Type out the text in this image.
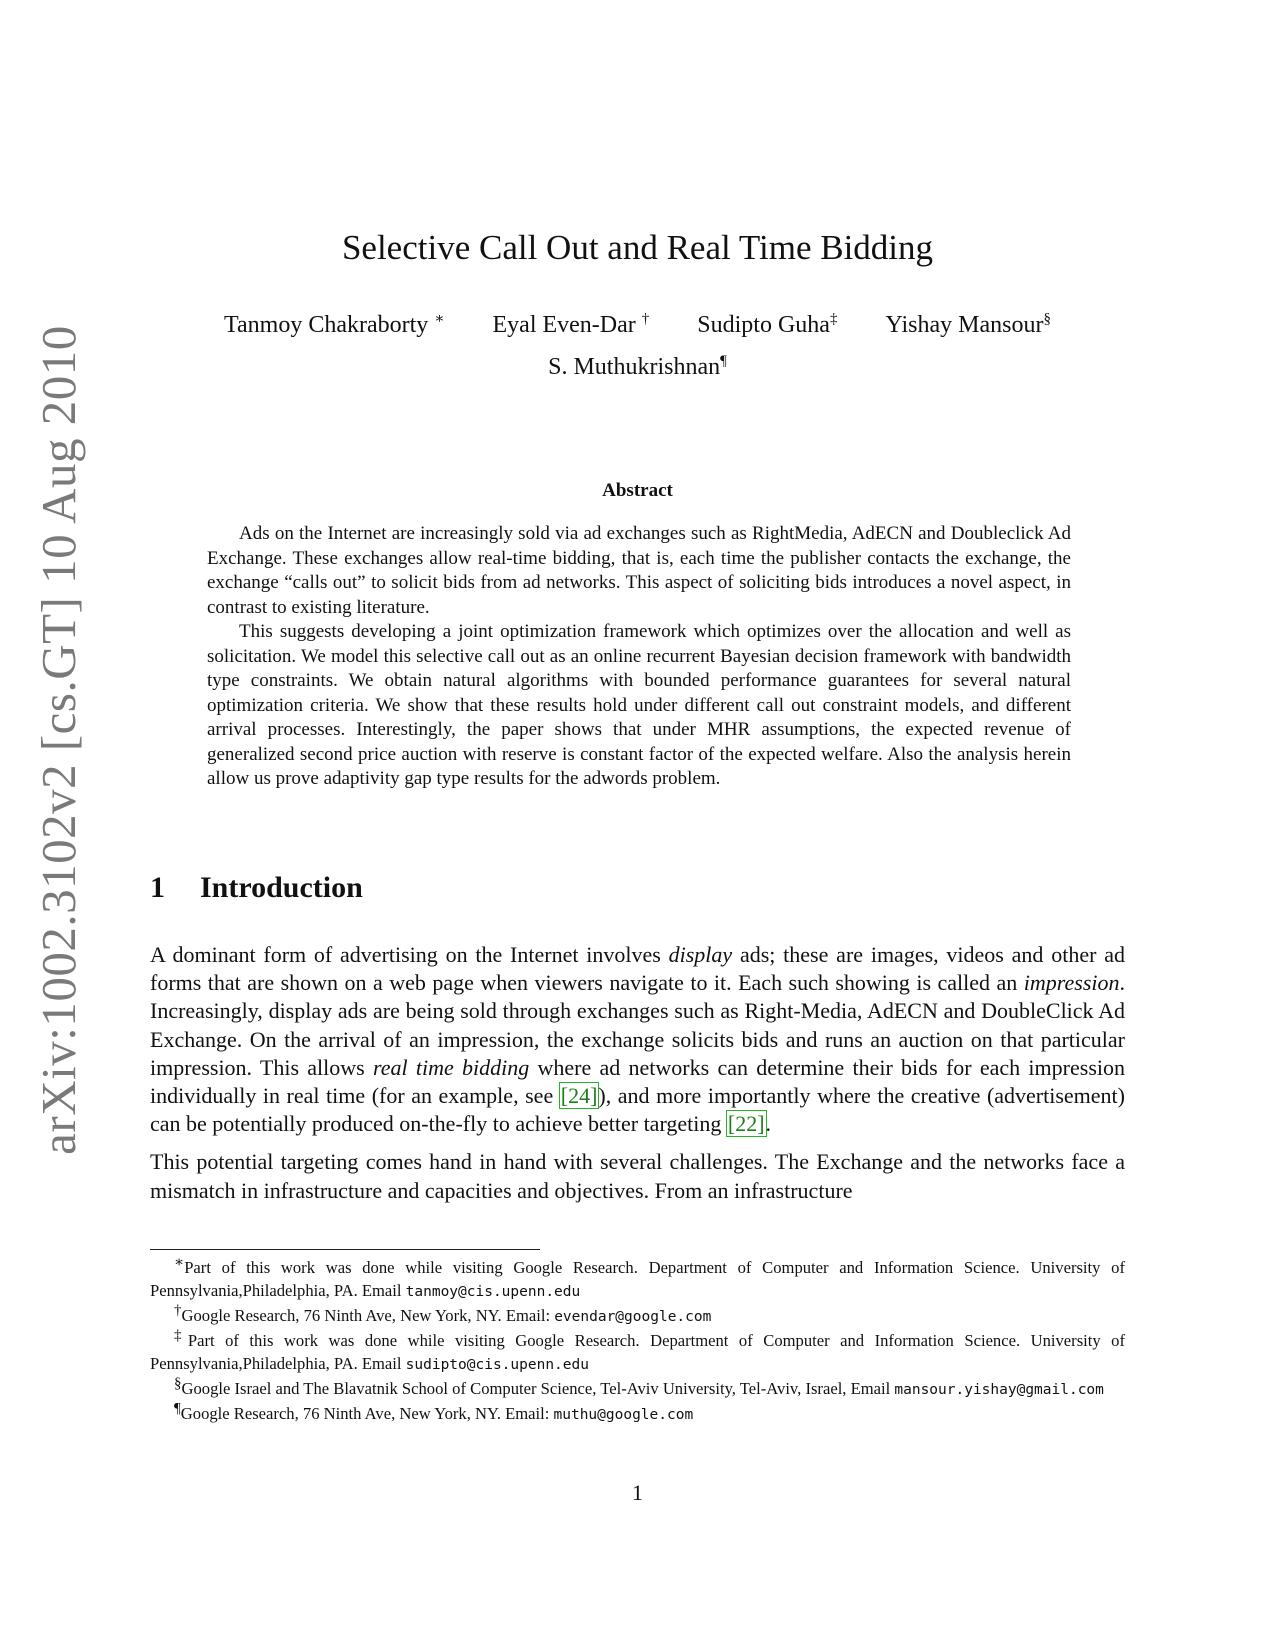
arXiv:1002.3102v2 [cs.GT] 10 Aug 2010
Selective Call Out and Real Time Bidding
Tanmoy Chakraborty ∗ Eyal Even-Dar † Sudipto Guha‡ Yishay Mansour§
S. Muthukrishnan¶
Abstract

Ads on the Internet are increasingly sold via ad exchanges such as RightMedia, AdECN and Doubleclick Ad Exchange. These exchanges allow real-time bidding, that is, each time the publisher contacts the exchange, the exchange “calls out” to solicit bids from ad networks. This aspect of soliciting bids introduces a novel aspect, in contrast to existing literature.

This suggests developing a joint optimization framework which optimizes over the allocation and well as solicitation. We model this selective call out as an online recurrent Bayesian decision framework with bandwidth type constraints. We obtain natural algorithms with bounded performance guarantees for several natural optimization criteria. We show that these results hold under different call out constraint models, and different arrival processes. Interestingly, the paper shows that under MHR assumptions, the expected revenue of generalized second price auction with reserve is constant factor of the expected welfare. Also the analysis herein allow us prove adaptivity gap type results for the adwords problem.

1 Introduction

A dominant form of advertising on the Internet involves display ads; these are images, videos and other ad forms that are shown on a web page when viewers navigate to it. Each such showing is called an impression. Increasingly, display ads are being sold through exchanges such as Right-Media, AdECN and DoubleClick Ad Exchange. On the arrival of an impression, the exchange solicits bids and runs an auction on that particular impression. This allows real time bidding where ad networks can determine their bids for each impression individually in real time (for an example, see [24]), and more importantly where the creative (advertisement) can be potentially produced on-the-fly to achieve better targeting [22].

This potential targeting comes hand in hand with several challenges. The Exchange and the networks face a mismatch in infrastructure and capacities and objectives. From an infrastructure

∗Part of this work was done while visiting Google Research. Department of Computer and Information Science. University of Pennsylvania,Philadelphia, PA. Email tanmoy@cis.upenn.edu

†Google Research, 76 Ninth Ave, New York, NY. Email: evendar@google.com

‡Part of this work was done while visiting Google Research. Department of Computer and Information Science. University of Pennsylvania,Philadelphia, PA. Email sudipto@cis.upenn.edu

§Google Israel and The Blavatnik School of Computer Science, Tel-Aviv University, Tel-Aviv, Israel, Email mansour.yishay@gmail.com

¶Google Research, 76 Ninth Ave, New York, NY. Email: muthu@google.com

1
